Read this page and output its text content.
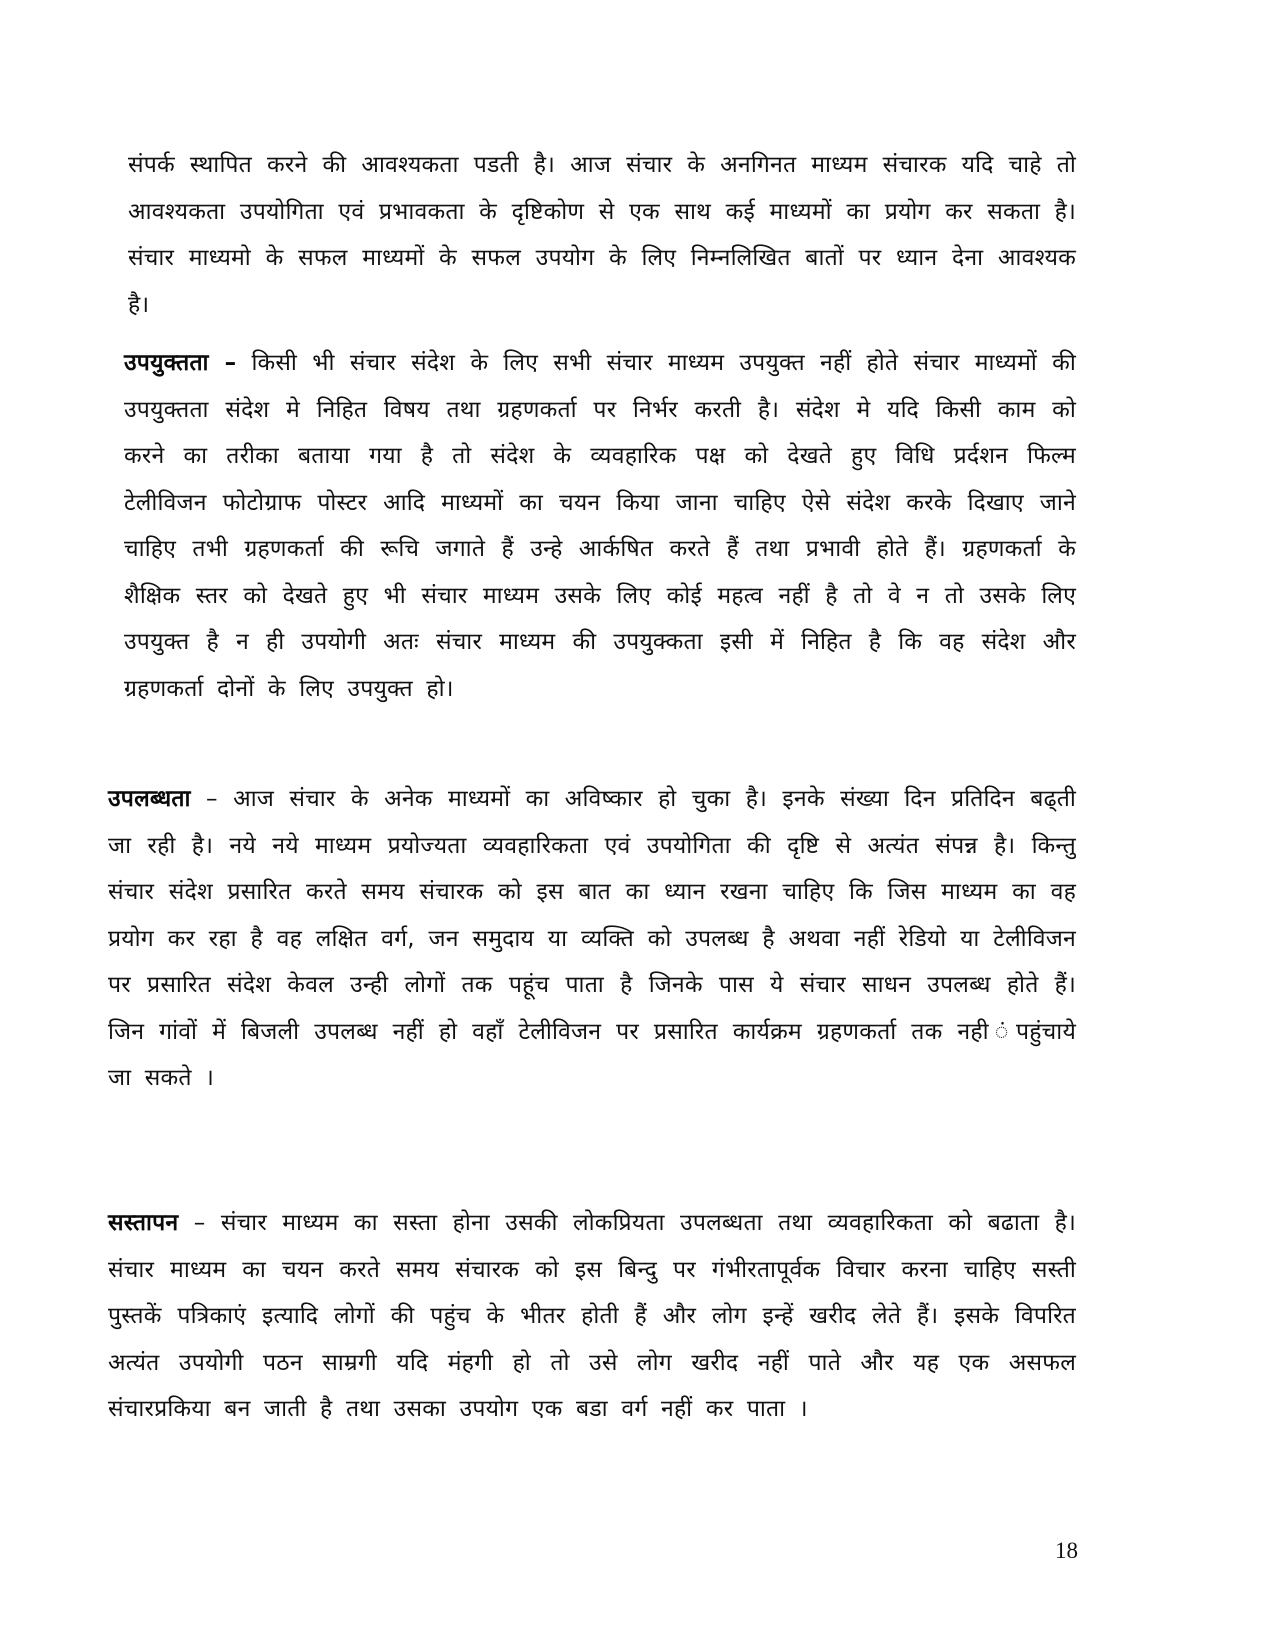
संपर्क स्थापित करने की आवश्यकता पडती है। आज संचार के अनगिनत माध्यम संचारक यदि चाहे तो आवश्यकता उपयोगिता एवं प्रभावकता के दृष्टिकोण से एक साथ कई माध्यमों का प्रयोग कर सकता है। संचार माध्यमो के सफल माध्यमों के सफल उपयोग के लिए निम्नलिखित बातों पर ध्यान देना आवश्यक है।

उपयुक्तता – किसी भी संचार संदेश के लिए सभी संचार माध्यम उपयुक्त नहीं होते संचार माध्यमों की उपयुक्तता संदेश मे निहित विषय तथा ग्रहणकर्ता पर निर्भर करती है। संदेश मे यदि किसी काम को करने का तरीका बताया गया है तो संदेश के व्यवहारिक पक्ष को देखते हुए विधि प्रर्दशन फिल्म टेलीविजन फोटोग्राफ पोस्टर आदि माध्यमों का चयन किया जाना चाहिए ऐसे संदेश करके दिखाए जाने चाहिए तभी ग्रहणकर्ता की रूचि जगाते हैं उन्हे आर्कषित करते हैं तथा प्रभावी होते हैं। ग्रहणकर्ता के शैक्षिक स्तर को देखते हुए भी संचार माध्यम उसके लिए कोई महत्व नहीं है तो वे न तो उसके लिए उपयुक्त है न ही उपयोगी अतः संचार माध्यम की उपयुक्कता इसी में निहित है कि वह संदेश और ग्रहणकर्ता दोनों के लिए उपयुक्त हो।

उपलब्धता – आज संचार के अनेक माध्यमों का अविष्कार हो चुका है। इनके संख्या दिन प्रतिदिन बढ्ती जा रही है। नये नये माध्यम प्रयोज्यता व्यवहारिकता एवं उपयोगिता की दृष्टि से अत्यंत संपन्न है। किन्तु संचार संदेश प्रसारित करते समय संचारक को इस बात का ध्यान रखना चाहिए कि जिस माध्यम का वह प्रयोग कर रहा है वह लक्षित वर्ग, जन समुदाय या व्यक्ति को उपलब्ध है अथवा नहीं रेडियो या टेलीविजन पर प्रसारित संदेश केवल उन्ही लोगों तक पहूंच पाता है जिनके पास ये संचार साधन उपलब्ध होते हैं। जिन गांवों में बिजली उपलब्ध नहीं हो वहाँ टेलीविजन पर प्रसारित कार्यक्रम ग्रहणकर्ता तक नही ंपहुंचाये जा सकते ।

सस्तापन – संचार माध्यम का सस्ता होना उसकी लोकप्रियता उपलब्धता तथा व्यवहारिकता को बढाता है। संचार माध्यम का चयन करते समय संचारक को इस बिन्दु पर गंभीरतापूर्वक विचार करना चाहिए सस्ती पुस्तकें पत्रिकाएं इत्यादि लोगों की पहुंच के भीतर होती हैं और लोग इन्हें खरीद लेते हैं। इसके विपरित अत्यंत उपयोगी पठन साम्रगी यदि मंहगी हो तो उसे लोग खरीद नहीं पाते और यह एक असफल संचारप्रकिया बन जाती है तथा उसका उपयोग एक बडा वर्ग नहीं कर पाता ।

18
